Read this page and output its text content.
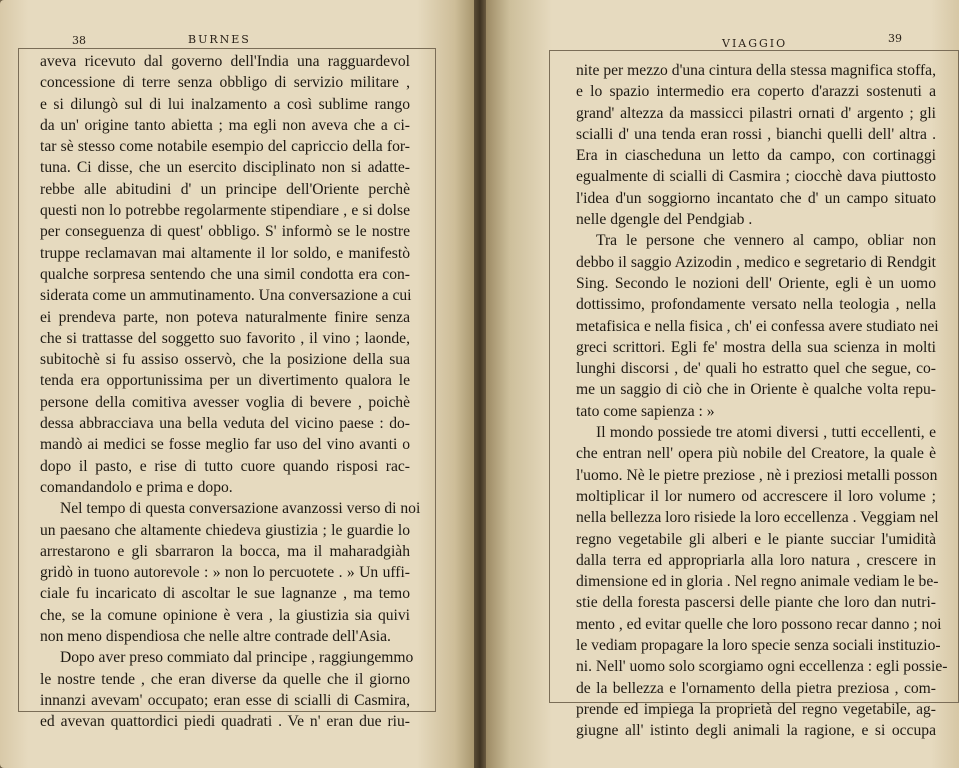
38	BURNES
aveva ricevuto dal governo dell'India una ragguardevol
concessione di terre senza obbligo di servizio militare ,
e si dilungò sul di lui inalzamento a così sublime rango
da un' origine tanto abietta ; ma egli non aveva che a ci-
tar sè stesso come notabile esempio del capriccio della for-
tuna. Ci disse, che un esercito disciplinato non si adatte-
rebbe alle abitudini d' un principe dell'Oriente perchè
questi non lo potrebbe regolarmente stipendiare , e si dolse
per conseguenza di quest' obbligo. S' informò se le nostre
truppe reclamavan mai altamente il lor soldo, e manifestò
qualche sorpresa sentendo che una simil condotta era con-
siderata come un ammutinamento. Una conversazione a cui
ei prendeva parte, non poteva naturalmente finire senza
che si trattasse del soggetto suo favorito , il vino ; laonde,
subitochè si fu assiso osservò, che la posizione della sua
tenda era opportunissima per un divertimento qualora le
persone della comitiva avesser voglia di bevere , poichè
dessa abbracciava una bella veduta del vicino paese : do-
mandò ai medici se fosse meglio far uso del vino avanti o
dopo il pasto, e rise di tutto cuore quando risposi rac-
comandandolo e prima e dopo.
Nel tempo di questa conversazione avanzossi verso di noi
un paesano che altamente chiedeva giustizia ; le guardie lo
arrestarono e gli sbarraron la bocca, ma il maharadgiàh
gridò in tuono autorevole : » non lo percuotete . » Un uffi-
ciale fu incaricato di ascoltar le sue lagnanze , ma temo
che, se la comune opinione è vera , la giustizia sia quivi
non meno dispendiosa che nelle altre contrade dell'Asia.
Dopo aver preso commiato dal principe , raggiungemmo
le nostre tende , che eran diverse da quelle che il giorno
innanzi avevam' occupato; eran esse di scialli di Casmira,
ed avevan quattordici piedi quadrati . Ve n' eran due riu-
VIAGGIO	39
nite per mezzo d'una cintura della stessa magnifica stoffa,
e lo spazio intermedio era coperto d'arazzi sostenuti a
grand' altezza da massicci pilastri ornati d' argento ; gli
scialli d' una tenda eran rossi , bianchi quelli dell' altra .
Era in ciascheduna un letto da campo, con cortinaggi
egualmente di scialli di Casmira ; ciocchè dava piuttosto
l'idea d'un soggiorno incantato che d' un campo situato
nelle dgengle del Pendgiab .
Tra le persone che vennero al campo, obliar non
debbo il saggio Azizodin , medico e segretario di Rendgit
Sing. Secondo le nozioni dell' Oriente, egli è un uomo
dottissimo, profondamente versato nella teologia , nella
metafisica e nella fisica , ch' ei confessa avere studiato nei
greci scrittori. Egli fe' mostra della sua scienza in molti
lunghi discorsi , de' quali ho estratto quel che segue, co-
me un saggio di ciò che in Oriente è qualche volta repu-
tato come sapienza : »
Il mondo possiede tre atomi diversi , tutti eccellenti, e
che entran nell' opera più nobile del Creatore, la quale è
l'uomo. Nè le pietre preziose , nè i preziosi metalli posson
moltiplicar il lor numero od accrescere il loro volume ;
nella bellezza loro risiede la loro eccellenza . Veggiam nel
regno vegetabile gli alberi e le piante succiar l'umidità
dalla terra ed appropriarla alla loro natura , crescere in
dimensione ed in gloria . Nel regno animale vediam le be-
stie della foresta pascersi delle piante che loro dan nutri-
mento , ed evitar quelle che loro possono recar danno ; noi
le vediam propagare la loro specie senza sociali instituzio-
ni. Nell' uomo solo scorgiamo ogni eccellenza : egli possie-
de la bellezza e l'ornamento della pietra preziosa , com-
prende ed impiega la proprietà del regno vegetabile, ag-
giugne all' istinto degli animali la ragione, e si occupa
